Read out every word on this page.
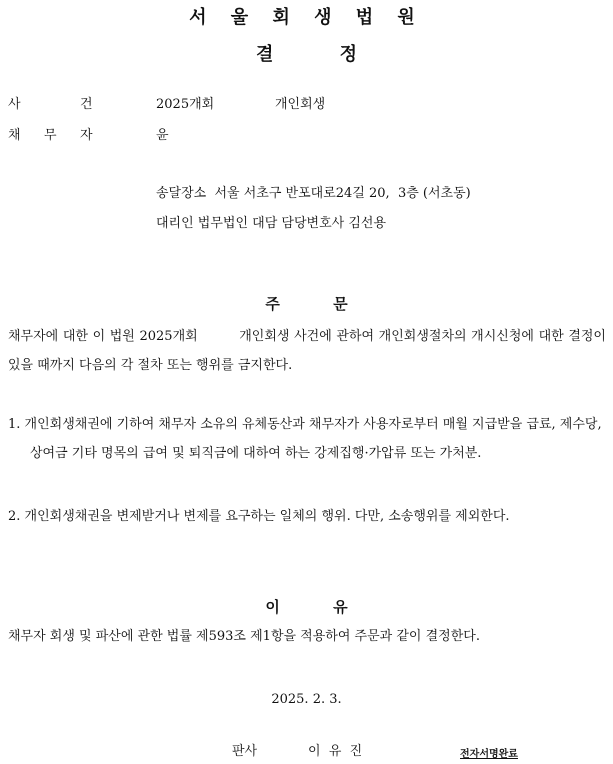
서 울 회 생 법 원
결 정
사	건	2025개회	개인회생
채 무 자	윤
송달장소  서울 서초구 반포대로24길 20,  3층 (서초동)
대리인 법무법인 대담 담당변호사 김선용
주 문
채무자에 대한 이 법원 2025개회         개인회생 사건에 관하여 개인회생절차의 개시신청에 대한 결정이 있을 때까지 다음의 각 절차 또는 행위를 금지한다.
1. 개인회생채권에 기하여 채무자 소유의 유체동산과 채무자가 사용자로부터 매월 지급받을 급료, 제수당, 상여금 기타 명목의 급여 및 퇴직금에 대하여 하는 강제집행·가압류 또는 가처분.
2. 개인회생채권을 변제받거나 변제를 요구하는 일체의 행위. 다만, 소송행위를 제외한다.
이 유
채무자 회생 및 파산에 관한 법률 제593조 제1항을 적용하여 주문과 같이 결정한다.
2025. 2. 3.
판사	이  유  진	전자서명완료
